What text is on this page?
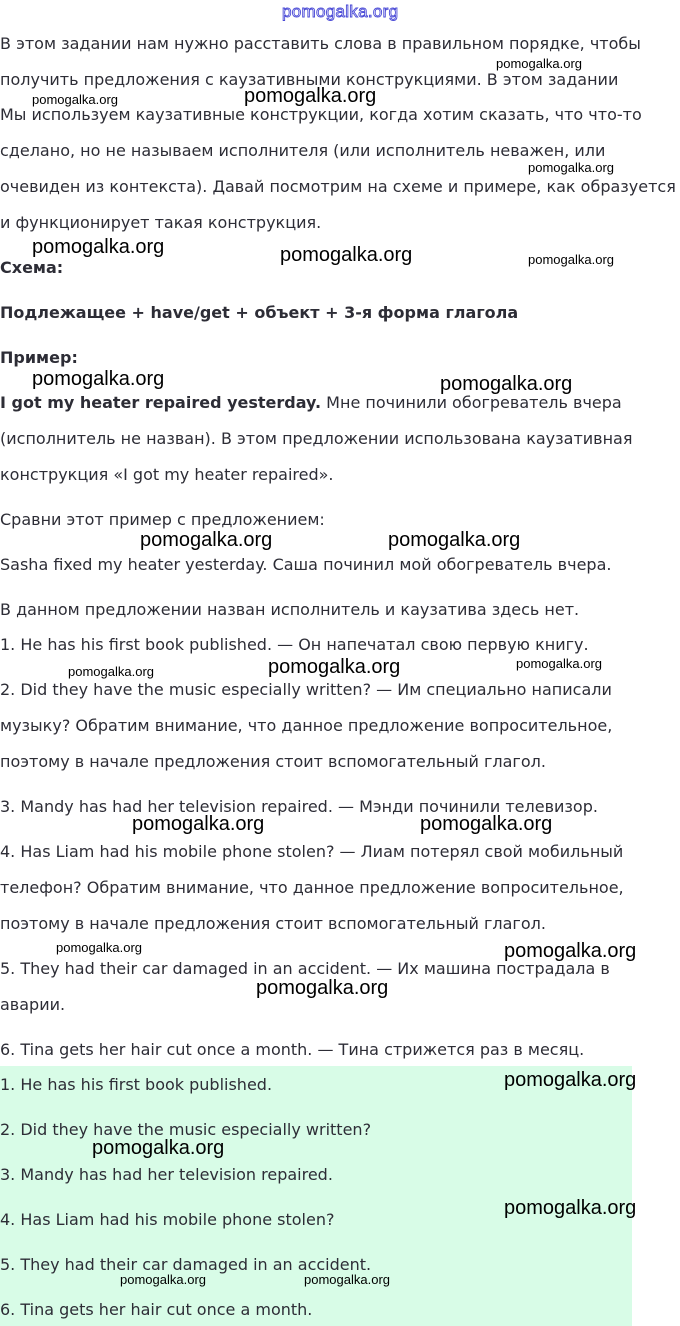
pomogalka.org

В этом задании нам нужно расставить слова в правильном порядке, чтобы

получить предложения с каузативными конструкциями. В этом задании

Мы используем каузативные конструкции, когда хотим сказать, что что-то

сделано, но не называем исполнителя (или исполнитель неважен, или

очевиден из контекста). Давай посмотрим на схеме и примере, как образуется

и функционирует такая конструкция.

Схема:

Подлежащее + have/get + объект + 3-я форма глагола

Пример:

I got my heater repaired yesterday. Мне починили обогреватель вчера

(исполнитель не назван). В этом предложении использована каузативная

конструкция «I got my heater repaired».

Сравни этот пример с предложением:

Sasha fixed my heater yesterday. Саша починил мой обогреватель вчера.

В данном предложении назван исполнитель и каузатива здесь нет.

1. He has his first book published. — Он напечатал свою первую книгу.

2. Did they have the music especially written? — Им специально написали

музыку? Обратим внимание, что данное предложение вопросительное,

поэтому в начале предложения стоит вспомогательный глагол.

3. Mandy has had her television repaired. — Мэнди починили телевизор.

4. Has Liam had his mobile phone stolen? — Лиам потерял свой мобильный

телефон? Обратим внимание, что данное предложение вопросительное,

поэтому в начале предложения стоит вспомогательный глагол.

5. They had their car damaged in an accident. — Их машина пострадала в

аварии.

6. Tina gets her hair cut once a month. — Тина стрижется раз в месяц.

1. He has his first book published.

2. Did they have the music especially written?

3. Mandy has had her television repaired.

4. Has Liam had his mobile phone stolen?

5. They had their car damaged in an accident.

6. Tina gets her hair cut once a month.

pomogalka.org
pomogalka.org	pomogalka.org
pomogalka.org
pomogalka.org	pomogalka.org	pomogalka.org
pomogalka.org	pomogalka.org
pomogalka.org	pomogalka.org
pomogalka.org	pomogalka.org	pomogalka.org
pomogalka.org	pomogalka.org
pomogalka.org	pomogalka.org
pomogalka.org
pomogalka.org
pomogalka.org
pomogalka.org
pomogalka.org	pomogalka.org
